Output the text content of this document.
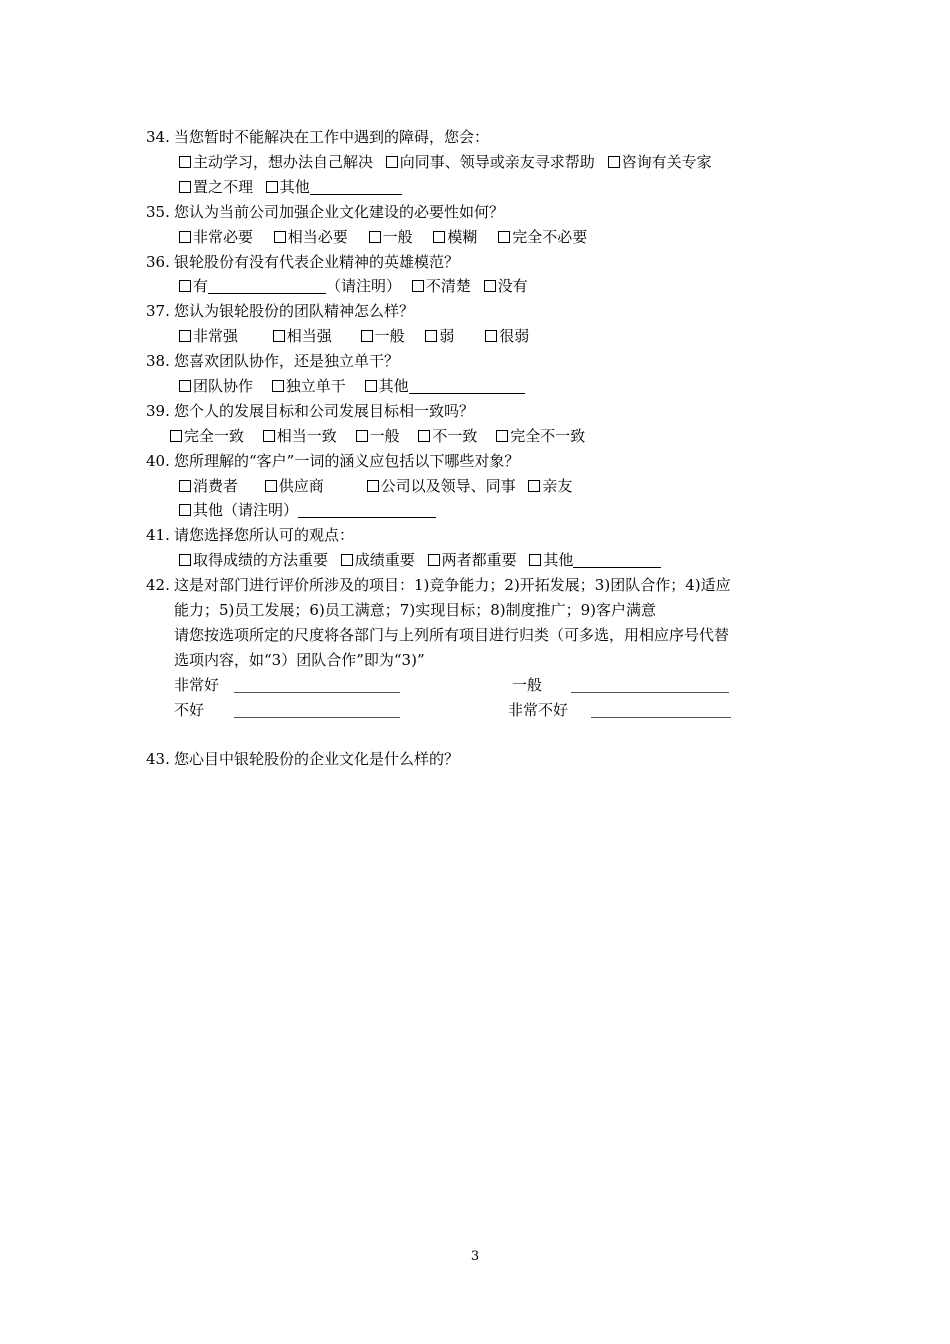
34. 当您暂时不能解决在工作中遇到的障碍，您会：
主动学习，想办法自己解决 向同事、领导或亲友寻求帮助 咨询有关专家
置之不理 其他
35. 您认为当前公司加强企业文化建设的必要性如何？
非常必要 相当必要 一般 模糊 完全不必要
36. 银轮股份有没有代表企业精神的英雄模范？
有	（请注明） 不清楚 没有
37. 您认为银轮股份的团队精神怎么样？
非常强	相当强	一般 弱	很弱
38. 您喜欢团队协作，还是独立单干？
团队协作 独立单干 其他
39. 您个人的发展目标和公司发展目标相一致吗？
完全一致 相当一致 一般 不一致 完全不一致
40. 您所理解的“客户”一词的涵义应包括以下哪些对象？
消费者	供应商	公司以及领导、同事 亲友
其他（请注明）
41. 请您选择您所认可的观点：
取得成绩的方法重要 成绩重要 两者都重要 其他
42. 这是对部门进行评价所涉及的项目：1)竞争能力；2)开拓发展；3)团队合作；4)适应
能力；5)员工发展；6)员工满意；7)实现目标；8)制度推广；9)客户满意
请您按选项所定的尺度将各部门与上列所有项目进行归类（可多选，用相应序号代替
选项内容，如“3）团队合作”即为“3)”
非常好	一般
不好	非常不好
43. 您心目中银轮股份的企业文化是什么样的？
3
